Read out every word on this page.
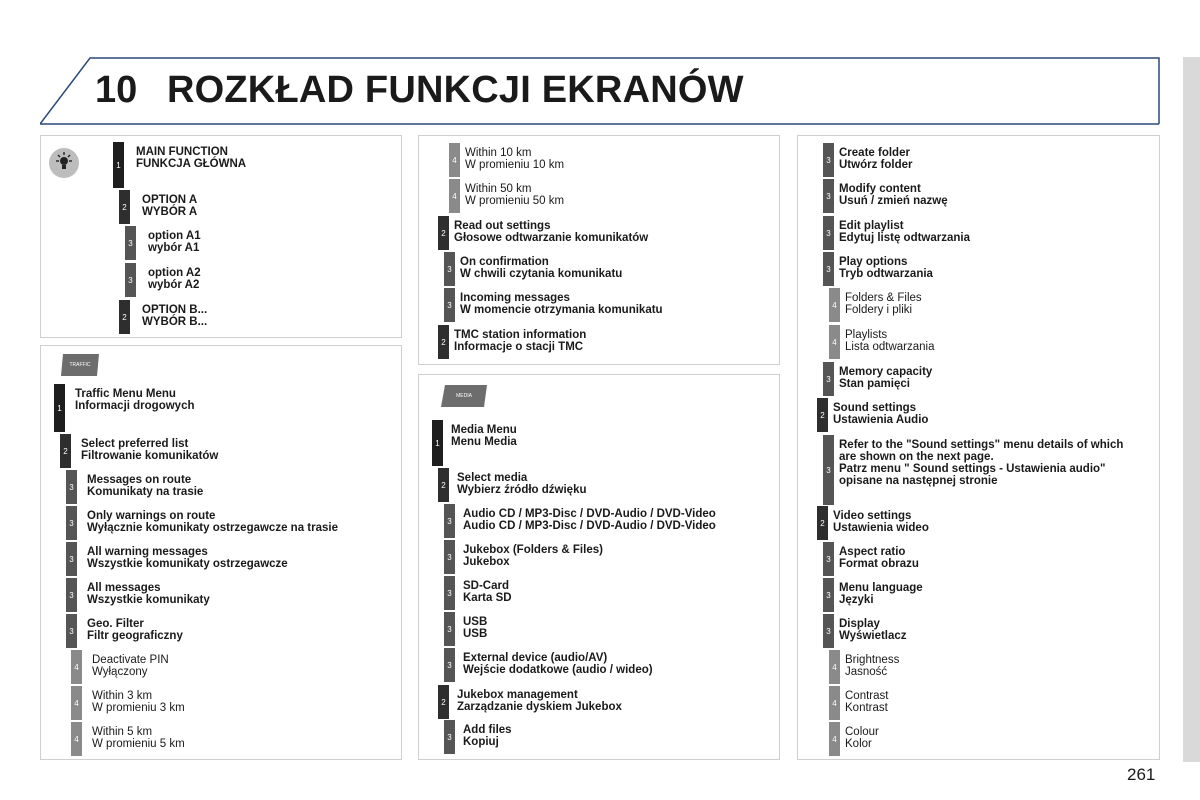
10 ROZKŁAD FUNKCJI EKRANÓW
1
MAIN FUNCTION
FUNKCJA GŁÓWNA
2
OPTION A
WYBÓR A
3
option A1
wybór A1
3
option A2
wybór A2
2
OPTION B...
WYBÓR B...
TRAFFIC
1
Traffic Menu Menu
Informacji drogowych
2
Select preferred list
Filtrowanie komunikatów
3
Messages on route
Komunikaty na trasie
3
Only warnings on route
Wyłącznie komunikaty ostrzegawcze na trasie
3
All warning messages
Wszystkie komunikaty ostrzegawcze
3
All messages
Wszystkie komunikaty
3
Geo. Filter
Filtr geograficzny
4
Deactivate PIN
Wyłączony
4
Within 3 km
W promieniu 3 km
4
Within 5 km
W promieniu 5 km
4
Within 10 km
W promieniu 10 km
4
Within 50 km
W promieniu 50 km
2
Read out settings
Głosowe odtwarzanie komunikatów
3
On confirmation
W chwili czytania komunikatu
3
Incoming messages
W momencie otrzymania komunikatu
2
TMC station information
Informacje o stacji TMC
MEDIA
1
Media Menu
Menu Media
2
Select media
Wybierz źródło dźwięku
3
Audio CD / MP3-Disc / DVD-Audio / DVD-Video
Audio CD / MP3-Disc / DVD-Audio / DVD-Video
3
Jukebox (Folders & Files)
Jukebox
3
SD-Card
Karta SD
3
USB
USB
3
External device (audio/AV)
Wejście dodatkowe (audio / wideo)
2
Jukebox management
Zarządzanie dyskiem Jukebox
3
Add files
Kopiuj
3
Create folder
Utwórz folder
3
Modify content
Usuń / zmień nazwę
3
Edit playlist
Edytuj listę odtwarzania
3
Play options
Tryb odtwarzania
4
Folders & Files
Foldery i pliki
4
Playlists
Lista odtwarzania
3
Memory capacity
Stan pamięci
2
Sound settings
Ustawienia Audio
3
Refer to the "Sound settings" menu details of which
are shown on the next page.
Patrz menu " Sound settings - Ustawienia audio"
opisane na następnej stronie
2
Video settings
Ustawienia wideo
3
Aspect ratio
Format obrazu
3
Menu language
Języki
3
Display
Wyświetlacz
4
Brightness
Jasność
4
Contrast
Kontrast
4
Colour
Kolor
261
